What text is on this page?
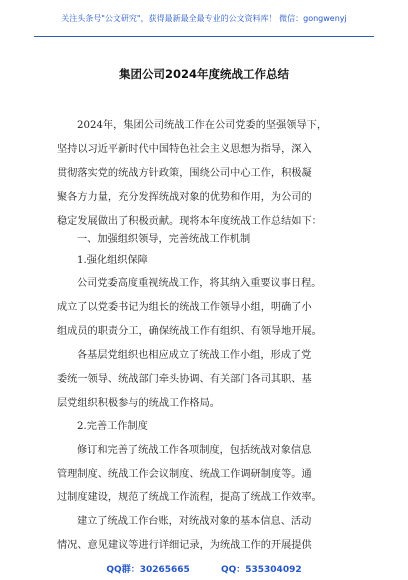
关注头条号"公文研究"，获得最新最全最专业的公文资料库！ 微信：gongwenyj
集团公司2024年度统战工作总结
2024年，集团公司统战工作在公司党委的坚强领导下，
坚持以习近平新时代中国特色社会主义思想为指导，深入
贯彻落实党的统战方针政策，围绕公司中心工作，积极凝
聚各方力量，充分发挥统战对象的优势和作用，为公司的
稳定发展做出了积极贡献。现将本年度统战工作总结如下：
一、加强组织领导，完善统战工作机制
1.强化组织保障
公司党委高度重视统战工作，将其纳入重要议事日程。
成立了以党委书记为组长的统战工作领导小组，明确了小
组成员的职责分工，确保统战工作有组织、有领导地开展。
各基层党组织也相应成立了统战工作小组，形成了党
委统一领导、统战部门牵头协调、有关部门各司其职、基
层党组织积极参与的统战工作格局。
2.完善工作制度
修订和完善了统战工作各项制度，包括统战对象信息
管理制度、统战工作会议制度、统战工作调研制度等。通
过制度建设，规范了统战工作流程，提高了统战工作效率。
建立了统战工作台账，对统战对象的基本信息、活动
情况、意见建议等进行详细记录，为统战工作的开展提供
QQ群：30265665	QQ：535304092
